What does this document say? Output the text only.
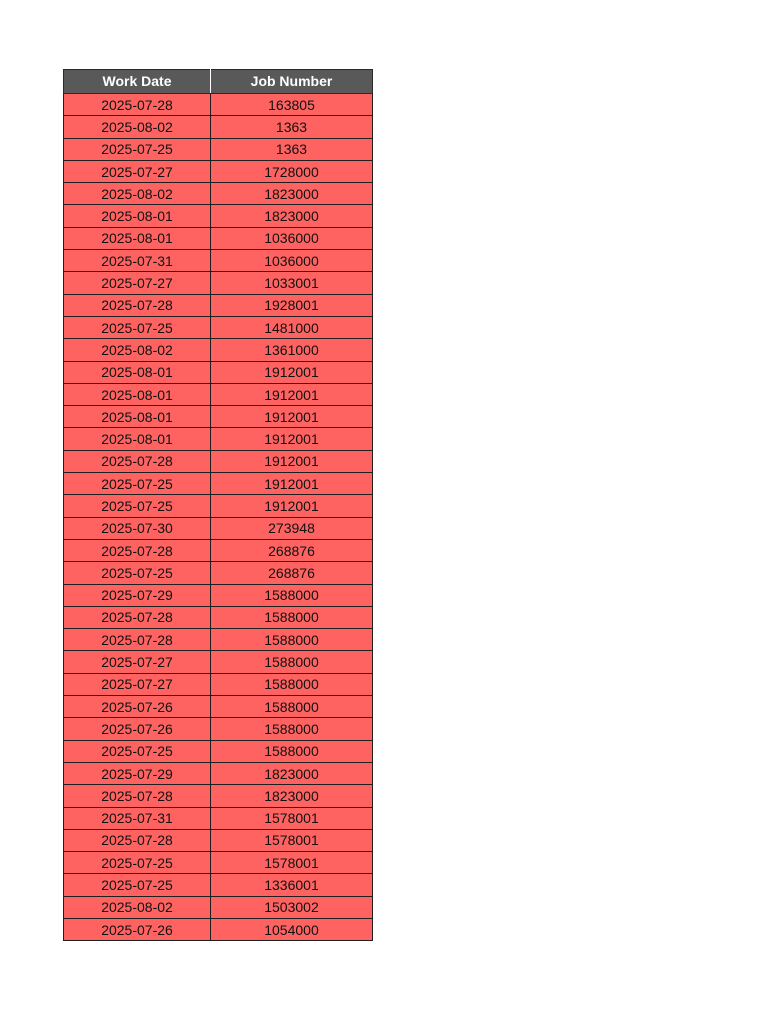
Work Date	Job Number
2025-07-28	163805
2025-08-02	1363
2025-07-25	1363
2025-07-27	1728000
2025-08-02	1823000
2025-08-01	1823000
2025-08-01	1036000
2025-07-31	1036000
2025-07-27	1033001
2025-07-28	1928001
2025-07-25	1481000
2025-08-02	1361000
2025-08-01	1912001
2025-08-01	1912001
2025-08-01	1912001
2025-08-01	1912001
2025-07-28	1912001
2025-07-25	1912001
2025-07-25	1912001
2025-07-30	273948
2025-07-28	268876
2025-07-25	268876
2025-07-29	1588000
2025-07-28	1588000
2025-07-28	1588000
2025-07-27	1588000
2025-07-27	1588000
2025-07-26	1588000
2025-07-26	1588000
2025-07-25	1588000
2025-07-29	1823000
2025-07-28	1823000
2025-07-31	1578001
2025-07-28	1578001
2025-07-25	1578001
2025-07-25	1336001
2025-08-02	1503002
2025-07-26	1054000
